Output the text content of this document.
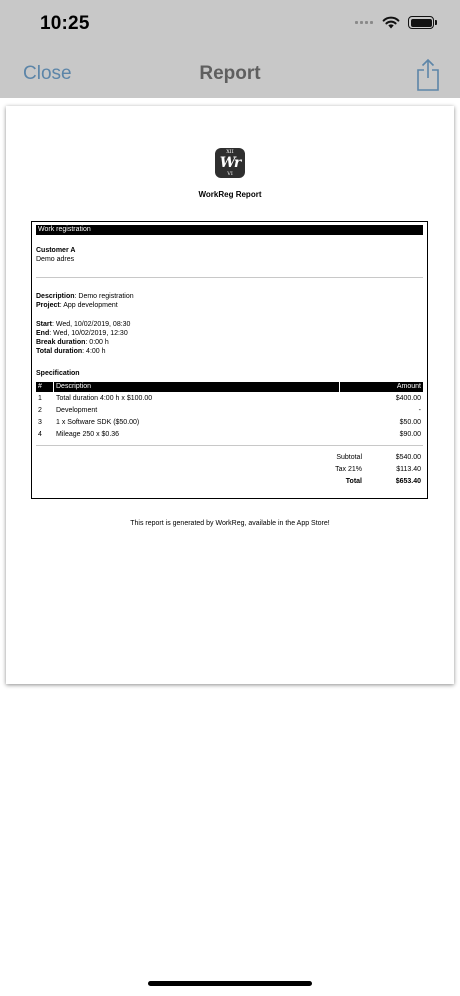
10:25
Close	Report
XII
Wr
VI
WorkReg Report
Work registration
Customer A
Demo adres
Description: Demo registration
Project: App development
Start: Wed, 10/02/2019, 08:30
End: Wed, 10/02/2019, 12:30
Break duration: 0:00 h
Total duration: 4:00 h
Specification
# Description	Amount
1 Total duration 4:00 h x $100.00	$400.00
2 Development	-
3 1 x Software SDK ($50.00)	$50.00
4 Mileage 250 x $0.36	$90.00
Subtotal	$540.00
Tax 21%	$113.40
Total	$653.40
This report is generated by WorkReg, available in the App Store!
